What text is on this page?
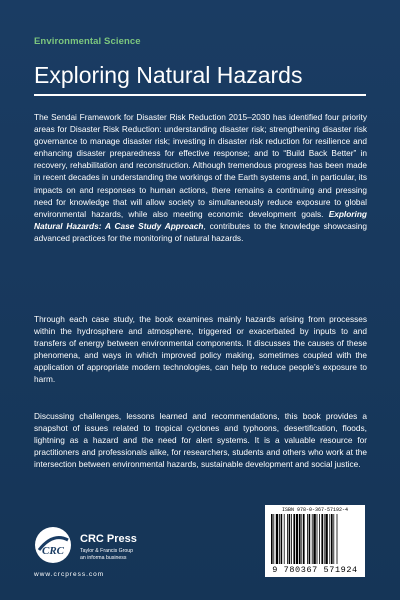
Environmental Science
Exploring Natural Hazards

The Sendai Framework for Disaster Risk Reduction 2015–2030 has identified four priority areas for Disaster Risk Reduction: understanding disaster risk; strengthening disaster risk governance to manage disaster risk; investing in disaster risk reduction for resilience and enhancing disaster preparedness for effective response; and to “Build Back Better” in recovery, rehabilitation and reconstruction. Although tremendous progress has been made in recent decades in understanding the workings of the Earth systems and, in particular, its impacts on and responses to human actions, there remains a continuing and pressing need for knowledge that will allow society to simultaneously reduce exposure to global environmental hazards, while also meeting economic development goals. Exploring Natural Hazards: A Case Study Approach, contributes to the knowledge showcasing advanced practices for the monitoring of natural hazards.

Through each case study, the book examines mainly hazards arising from processes within the hydrosphere and atmosphere, triggered or exacerbated by inputs to and transfers of energy between environmental components. It discusses the causes of these phenomena, and ways in which improved policy making, sometimes coupled with the application of appropriate modern technologies, can help to reduce people’s exposure to harm.

Discussing challenges, lessons learned and recommendations, this book provides a snapshot of issues related to tropical cyclones and typhoons, desertification, floods, lightning as a hazard and the need for alert systems. It is a valuable resource for practitioners and professionals alike, for researchers, students and others who work at the intersection between environmental hazards, sustainable development and social justice.

CRC
CRC Press
Taylor & Francis Group
an informa business
www.crcpress.com
ISBN 978-0-367-57192-4
9 780367 571924
